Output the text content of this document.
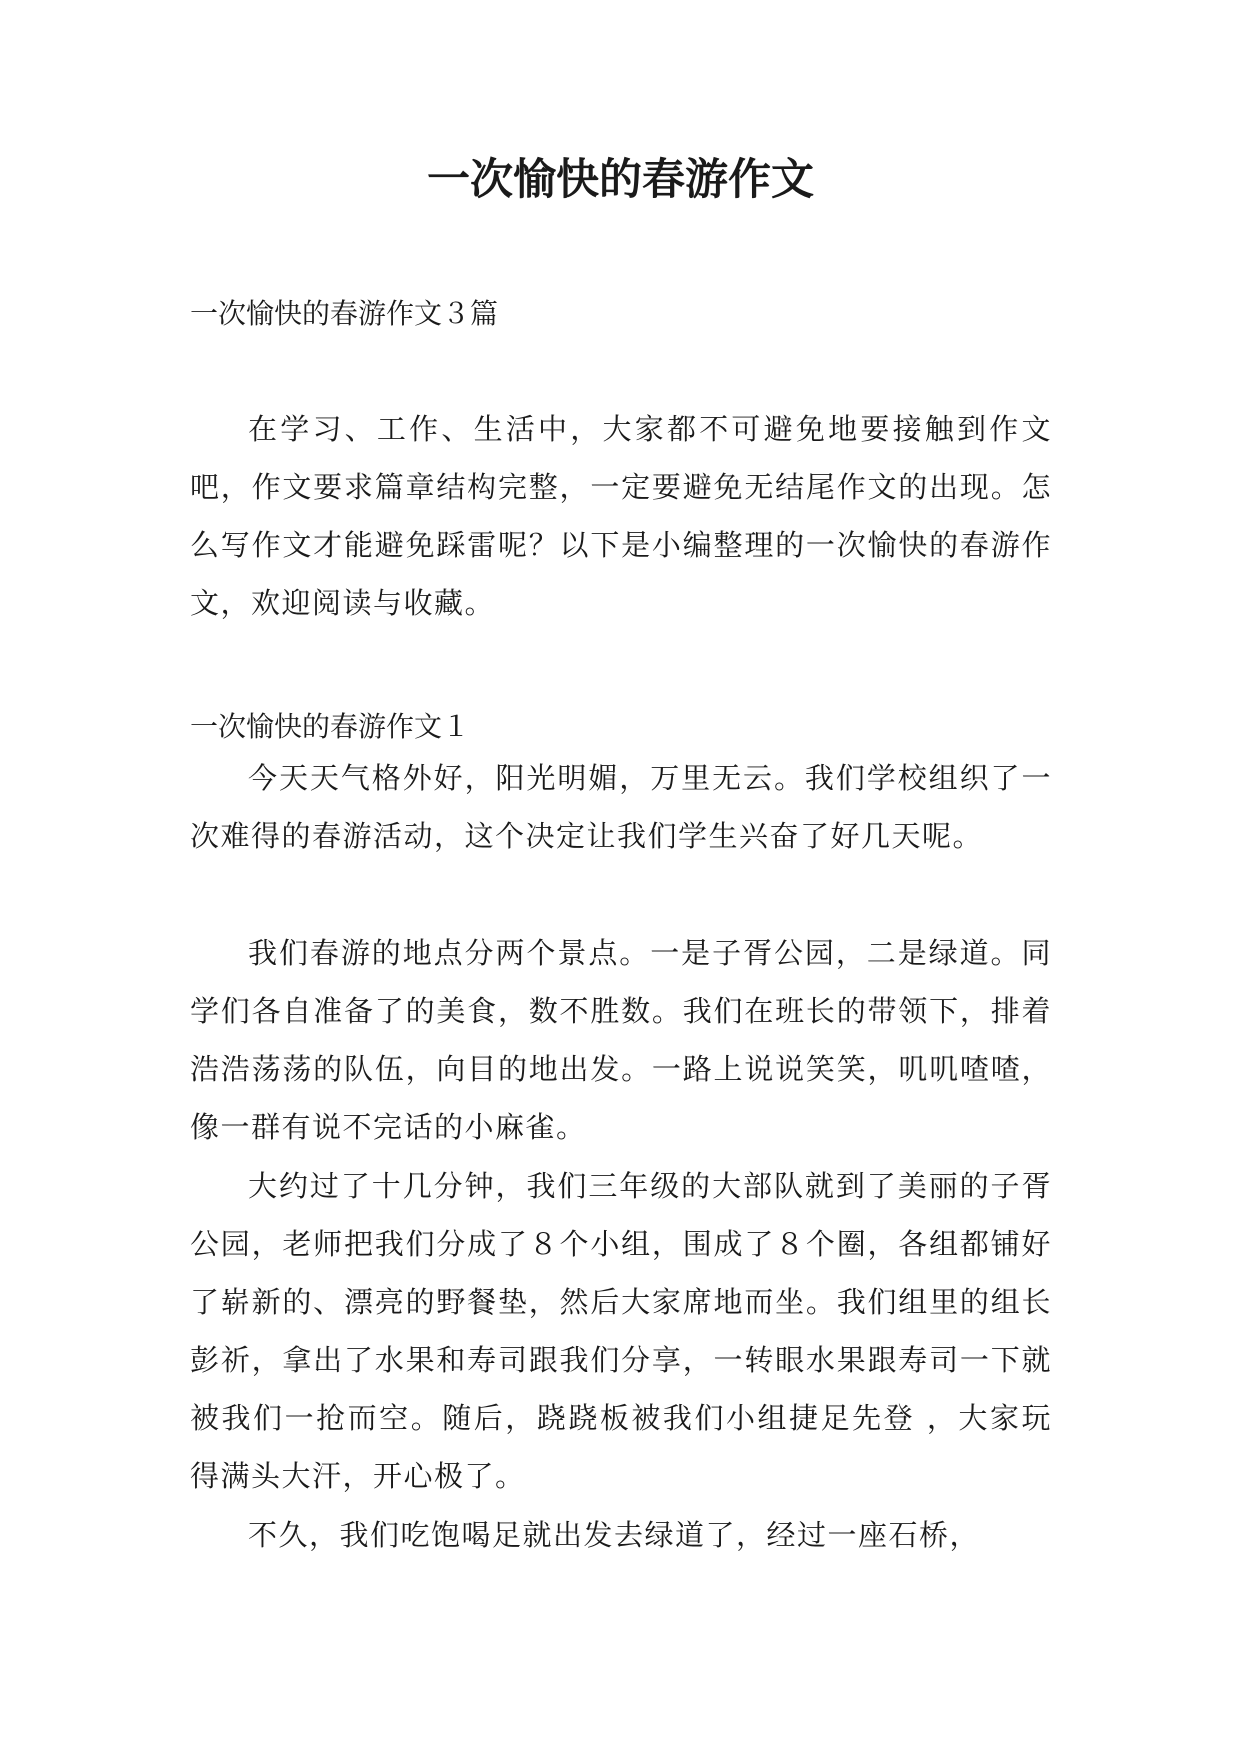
一次愉快的春游作文

一次愉快的春游作文３篇

在学习、工作、生活中，大家都不可避免地要接触到作文吧，作文要求篇章结构完整，一定要避免无结尾作文的出现。怎么写作文才能避免踩雷呢？以下是小编整理的一次愉快的春游作文，欢迎阅读与收藏。

一次愉快的春游作文１

今天天气格外好，阳光明媚，万里无云。我们学校组织了一次难得的春游活动，这个决定让我们学生兴奋了好几天呢。

我们春游的地点分两个景点。一是子胥公园，二是绿道。同学们各自准备了的美食，数不胜数。我们在班长的带领下，排着浩浩荡荡的队伍，向目的地出发。一路上说说笑笑，叽叽喳喳，像一群有说不完话的小麻雀。

大约过了十几分钟，我们三年级的大部队就到了美丽的子胥公园，老师把我们分成了８个小组，围成了８个圈，各组都铺好了崭新的、漂亮的野餐垫，然后大家席地而坐。我们组里的组长彭祈，拿出了水果和寿司跟我们分享，一转眼水果跟寿司一下就被我们一抢而空。随后，跷跷板被我们小组捷足先登 ，大家玩得满头大汗，开心极了。

不久，我们吃饱喝足就出发去绿道了，经过一座石桥，
